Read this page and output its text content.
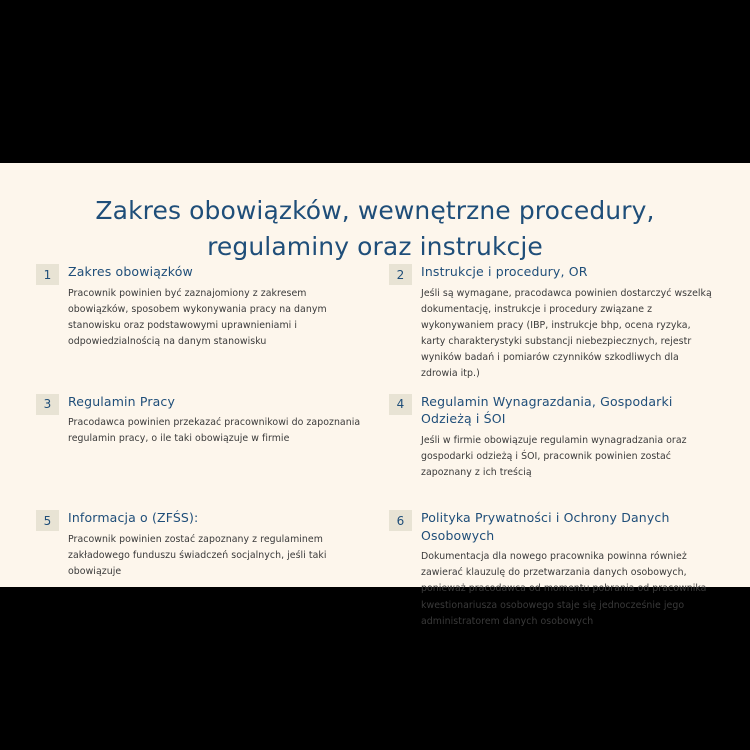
Zakres obowiązków, wewnętrzne procedury, regulaminy oraz instrukcje
1	Zakres obowiązków
Pracownik powinien być zaznajomiony z zakresem obowiązków, sposobem wykonywania pracy na danym stanowisku oraz podstawowymi uprawnieniami i odpowiedzialnością na danym stanowisku
2	Instrukcje i procedury, OR
Jeśli są wymagane, pracodawca powinien dostarczyć wszelką dokumentację, instrukcje i procedury związane z wykonywaniem pracy (IBP, instrukcje bhp, ocena ryzyka, karty charakterystyki substancji niebezpiecznych, rejestr wyników badań i pomiarów czynników szkodliwych dla zdrowia itp.)
3	Regulamin Pracy
Pracodawca powinien przekazać pracownikowi do zapoznania regulamin pracy, o ile taki obowiązuje w firmie
4	Regulamin Wynagrazdania, Gospodarki Odzieżą i ŚOI
Jeśli w firmie obowiązuje regulamin wynagradzania oraz gospodarki odzieżą i ŚOI, pracownik powinien zostać zapoznany z ich treścią
5	Informacja o (ZFŚS):
Pracownik powinien zostać zapoznany z regulaminem zakładowego funduszu świadczeń socjalnych, jeśli taki obowiązuje
6	Polityka Prywatności i Ochrony Danych Osobowych
Dokumentacja dla nowego pracownika powinna również zawierać klauzulę do przetwarzania danych osobowych, ponieważ pracodawca od momentu pobrania od pracownika kwestionariusza osobowego staje się jednocześnie jego administratorem danych osobowych
